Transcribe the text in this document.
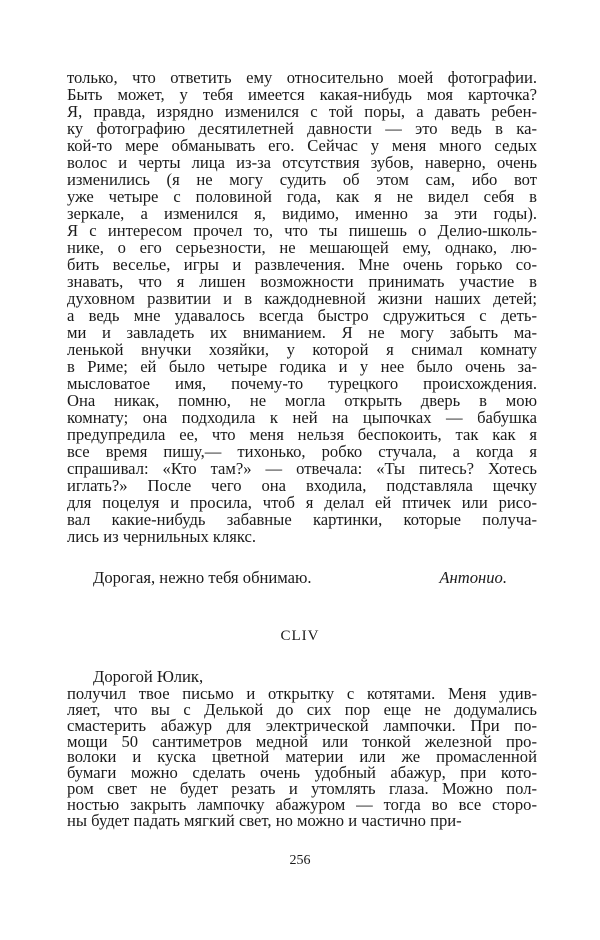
только, что ответить ему относительно моей фотографии.
Быть может, у тебя имеется какая-нибудь моя карточка?
Я, правда, изрядно изменился с той поры, а давать ребен-
ку фотографию десятилетней давности — это ведь в ка-
кой-то мере обманывать его. Сейчас у меня много седых
волос и черты лица из-за отсутствия зубов, наверно, очень
изменились (я не могу судить об этом сам, ибо вот
уже четыре с половиной года, как я не видел себя в
зеркале, а изменился я, видимо, именно за эти годы).
Я с интересом прочел то, что ты пишешь о Делио-школь-
нике, о его серьезности, не мешающей ему, однако, лю-
бить веселье, игры и развлечения. Мне очень горько со-
знавать, что я лишен возможности принимать участие в
духовном развитии и в каждодневной жизни наших детей;
а ведь мне удавалось всегда быстро сдружиться с деть-
ми и завладеть их вниманием. Я не могу забыть ма-
ленькой внучки хозяйки, у которой я снимал комнату
в Риме; ей было четыре годика и у нее было очень за-
мысловатое имя, почему-то турецкого происхождения.
Она никак, помню, не могла открыть дверь в мою
комнату; она подходила к ней на цыпочках — бабушка
предупредила ее, что меня нельзя беспокоить, так как я
все время пишу,— тихонько, робко стучала, а когда я
спрашивал: «Кто там?» — отвечала: «Ты питесь? Хотесь
иглать?» После чего она входила, подставляла щечку
для поцелуя и просила, чтоб я делал ей птичек или рисо-
вал какие-нибудь забавные картинки, которые получа-
лись из чернильных клякс.
Дорогая, нежно тебя обнимаю.	Антонио.
CLIV
Дорогой Юлик,
получил твое письмо и открытку с котятами. Меня удив-
ляет, что вы с Делькой до сих пор еще не додумались
смастерить абажур для электрической лампочки. При по-
мощи 50 сантиметров медной или тонкой железной про-
волоки и куска цветной материи или же промасленной
бумаги можно сделать очень удобный абажур, при кото-
ром свет не будет резать и утомлять глаза. Можно пол-
ностью закрыть лампочку абажуром — тогда во все сторо-
ны будет падать мягкий свет, но можно и частично при-
256
